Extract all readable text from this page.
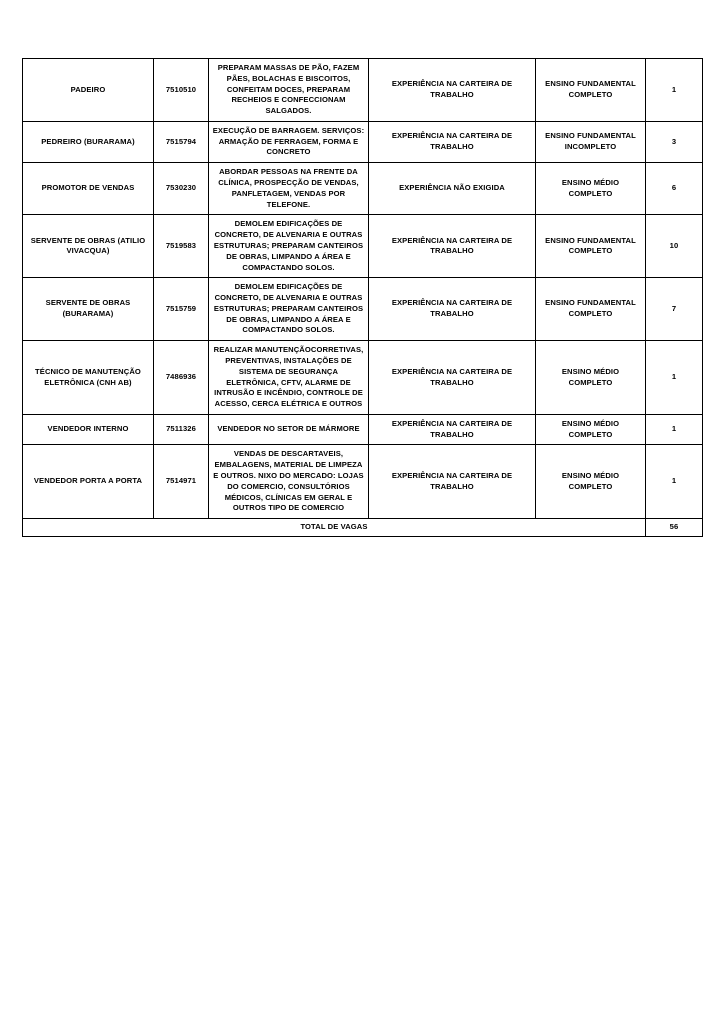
PADEIRO	7510510	PREPARAM MASSAS DE PÃO, FAZEM PÃES, BOLACHAS E BISCOITOS, CONFEITAM DOCES, PREPARAM RECHEIOS E CONFECCIONAM SALGADOS.	EXPERIÊNCIA NA CARTEIRA DE TRABALHO	ENSINO FUNDAMENTAL COMPLETO	1
PEDREIRO (BURARAMA)	7515794	EXECUÇÃO DE BARRAGEM. SERVIÇOS: ARMAÇÃO DE FERRAGEM, FORMA E CONCRETO	EXPERIÊNCIA NA CARTEIRA DE TRABALHO	ENSINO FUNDAMENTAL INCOMPLETO	3
PROMOTOR DE VENDAS	7530230	ABORDAR PESSOAS NA FRENTE DA CLÍNICA, PROSPECÇÃO DE VENDAS, PANFLETAGEM, VENDAS POR TELEFONE.	EXPERIÊNCIA NÃO EXIGIDA	ENSINO MÉDIO COMPLETO	6
SERVENTE DE OBRAS (ATILIO VIVACQUA)	7519583	DEMOLEM EDIFICAÇÕES DE CONCRETO, DE ALVENARIA E OUTRAS ESTRUTURAS; PREPARAM CANTEIROS DE OBRAS, LIMPANDO A ÁREA E COMPACTANDO SOLOS.	EXPERIÊNCIA NA CARTEIRA DE TRABALHO	ENSINO FUNDAMENTAL COMPLETO	10
SERVENTE DE OBRAS (BURARAMA)	7515759	DEMOLEM EDIFICAÇÕES DE CONCRETO, DE ALVENARIA E OUTRAS ESTRUTURAS; PREPARAM CANTEIROS DE OBRAS, LIMPANDO A ÁREA E COMPACTANDO SOLOS.	EXPERIÊNCIA NA CARTEIRA DE TRABALHO	ENSINO FUNDAMENTAL COMPLETO	7
TÉCNICO DE MANUTENÇÃO ELETRÔNICA (CNH AB)	7486936	REALIZAR MANUTENÇÃOCORRETIVAS, PREVENTIVAS, INSTALAÇÕES DE SISTEMA DE SEGURANÇA ELETRÔNICA, CFTV, ALARME DE INTRUSÃO E INCÊNDIO, CONTROLE DE ACESSO, CERCA ELÉTRICA E OUTROS	EXPERIÊNCIA NA CARTEIRA DE TRABALHO	ENSINO MÉDIO COMPLETO	1
VENDEDOR INTERNO	7511326	VENDEDOR NO SETOR DE MÁRMORE	EXPERIÊNCIA NA CARTEIRA DE TRABALHO	ENSINO MÉDIO COMPLETO	1
VENDEDOR PORTA A PORTA	7514971	VENDAS DE DESCARTAVEIS, EMBALAGENS, MATERIAL DE LIMPEZA E OUTROS. NIXO DO MERCADO: LOJAS DO COMERCIO, CONSULTÓRIOS MÉDICOS, CLÍNICAS EM GERAL E OUTROS TIPO DE COMERCIO	EXPERIÊNCIA NA CARTEIRA DE TRABALHO	ENSINO MÉDIO COMPLETO	1
TOTAL DE VAGAS					56
